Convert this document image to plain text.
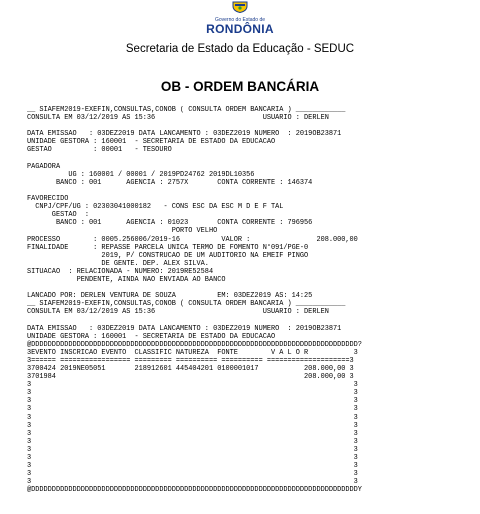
Governo do Estado de
RONDÔNIA
Secretaria de Estado da Educação - SEDUC
OB - ORDEM BANCÁRIA
__ SIAFEM2019-EXEFIN,CONSULTAS,CONOB ( CONSULTA ORDEM BANCARIA ) ____________
CONSULTA EM 03/12/2019 AS 15:36                          USUARIO : DERLEN
DATA EMISSAO   : 03DEZ2019 DATA LANCAMENTO : 03DEZ2019 NUMERO  : 2019OB23871
UNIDADE GESTORA : 160001  - SECRETARIA DE ESTADO DA EDUCACAO
GESTAO          : 00001   - TESOURO
PAGADORA
UG : 160001 / 00001 / 2019PD24762 2019DL10356
BANCO : 001      AGENCIA : 2757X       CONTA CORRENTE : 146374
FAVORECIDO
CNPJ/CPF/UG : 02303041000182   - CONS ESC DA ESC M D E F TAL
GESTAO  :
BANCO : 001      AGENCIA : 01023       CONTA CORRENTE : 796956
PORTO VELHO
PROCESSO        : 0005.256006/2019-16          VALOR :                208.000,00
FINALIDADE      : REPASSE PARCELA UNICA TERMO DE FOMENTO N°091/PGE-0
2019, P/ CONSTRUCAO DE UM AUDITORIO NA EMEIF PINGO
DE GENTE. DEP. ALEX SILVA.
SITUACAO  : RELACIONADA - NUMERO: 2019RE52584
PENDENTE, AINDA NAO ENVIADA AO BANCO
LANCADO POR: DERLEN VENTURA DE SOUZA          EM: 03DEZ2019 AS: 14:25
__ SIAFEM2019-EXEFIN,CONSULTAS,CONOB ( CONSULTA ORDEM BANCARIA ) ____________
CONSULTA EM 03/12/2019 AS 15:36                          USUARIO : DERLEN
DATA EMISSAO   : 03DEZ2019 DATA LANCAMENTO : 03DEZ2019 NUMERO  : 2019OB23871
UNIDADE GESTORA : 160001  - SECRETARIA DE ESTADO DA EDUCACAO
@DDDDDDDDDDDDDDDDDDDDDDDDDDDDDDDDDDDDDDDDDDDDDDDDDDDDDDDDDDDDDDDDDDDDDDDDDDDDDDD?
3EVENTO INSCRICAO EVENTO  CLASSIFIC NATUREZA  FONTE        V A L O R           3
3====== ================= ========= ========== ========== ====================3
3700424 2019NE05051       218912601 445404201 0100001017           208.000,00 3
3701984                                                            208.000,00 3
3                                                                              3
3                                                                              3
3                                                                              3
3                                                                              3
3                                                                              3
3                                                                              3
3                                                                              3
3                                                                              3
3                                                                              3
3                                                                              3
3                                                                              3
3                                                                              3
3                                                                              3
@DDDDDDDDDDDDDDDDDDDDDDDDDDDDDDDDDDDDDDDDDDDDDDDDDDDDDDDDDDDDDDDDDDDDDDDDDDDDDDDY
